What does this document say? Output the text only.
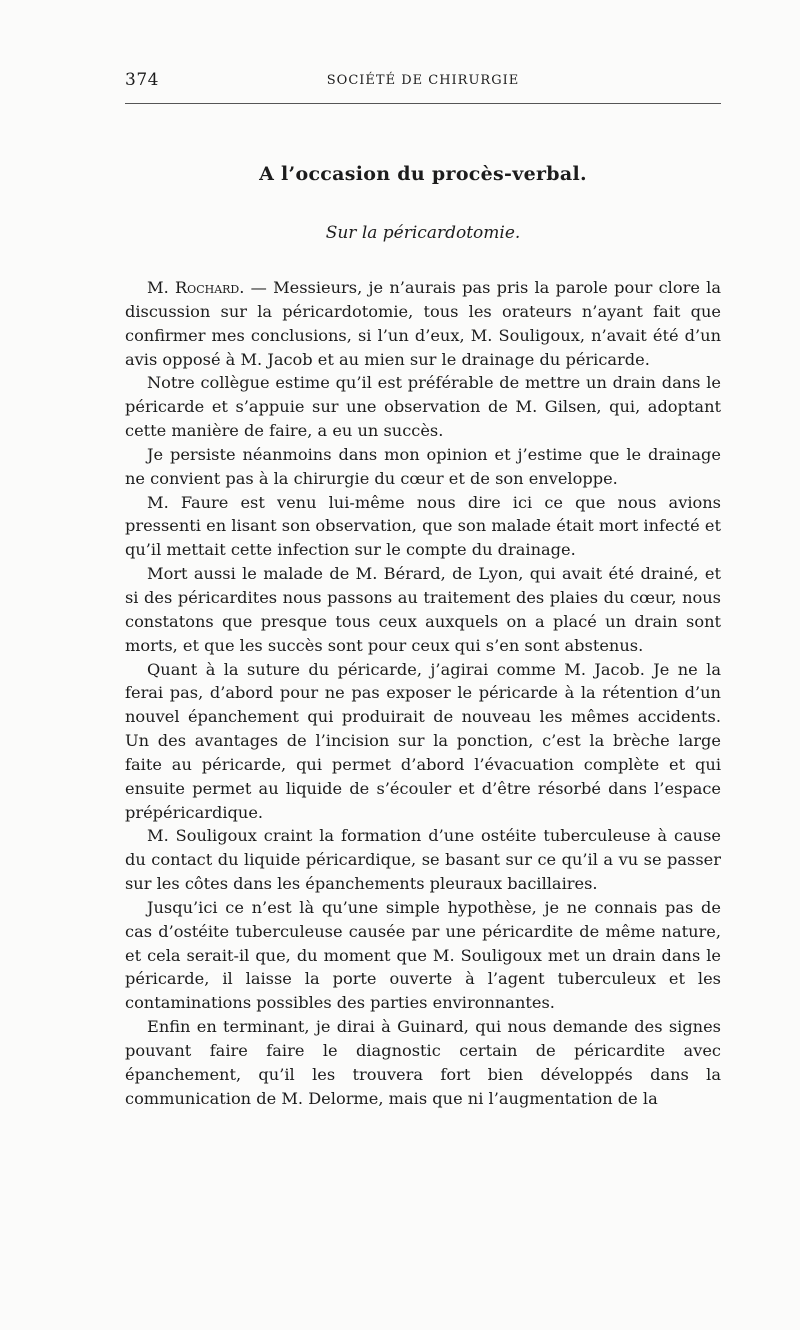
374	SOCIÉTÉ DE CHIRURGIE
A l’occasion du procès-verbal.
Sur la péricardotomie.

M. Rochard. — Messieurs, je n’aurais pas pris la parole pour clore la discussion sur la péricardotomie, tous les orateurs n’ayant fait que confirmer mes conclusions, si l’un d’eux, M. Souligoux, n’avait été d’un avis opposé à M. Jacob et au mien sur le drainage du péricarde.

Notre collègue estime qu’il est préférable de mettre un drain dans le péricarde et s’appuie sur une observation de M. Gilsen, qui, adoptant cette manière de faire, a eu un succès.

Je persiste néanmoins dans mon opinion et j’estime que le drainage ne convient pas à la chirurgie du cœur et de son enveloppe.

M. Faure est venu lui-même nous dire ici ce que nous avions pressenti en lisant son observation, que son malade était mort infecté et qu’il mettait cette infection sur le compte du drainage.

Mort aussi le malade de M. Bérard, de Lyon, qui avait été drainé, et si des péricardites nous passons au traitement des plaies du cœur, nous constatons que presque tous ceux auxquels on a placé un drain sont morts, et que les succès sont pour ceux qui s’en sont abstenus.

Quant à la suture du péricarde, j’agirai comme M. Jacob. Je ne la ferai pas, d’abord pour ne pas exposer le péricarde à la rétention d’un nouvel épanchement qui produirait de nouveau les mêmes accidents. Un des avantages de l’incision sur la ponction, c’est la brèche large faite au péricarde, qui permet d’abord l’évacuation complète et qui ensuite permet au liquide de s’écouler et d’être résorbé dans l’espace prépéricardique.

M. Souligoux craint la formation d’une ostéite tuberculeuse à cause du contact du liquide péricardique, se basant sur ce qu’il a vu se passer sur les côtes dans les épanchements pleuraux bacillaires.

Jusqu’ici ce n’est là qu’une simple hypothèse, je ne connais pas de cas d’ostéite tuberculeuse causée par une péricardite de même nature, et cela serait-il que, du moment que M. Souligoux met un drain dans le péricarde, il laisse la porte ouverte à l’agent tuberculeux et les contaminations possibles des parties environnantes.

Enfin en terminant, je dirai à Guinard, qui nous demande des signes pouvant faire faire le diagnostic certain de péricardite avec épanchement, qu’il les trouvera fort bien développés dans la communication de M. Delorme, mais que ni l’augmentation de la
